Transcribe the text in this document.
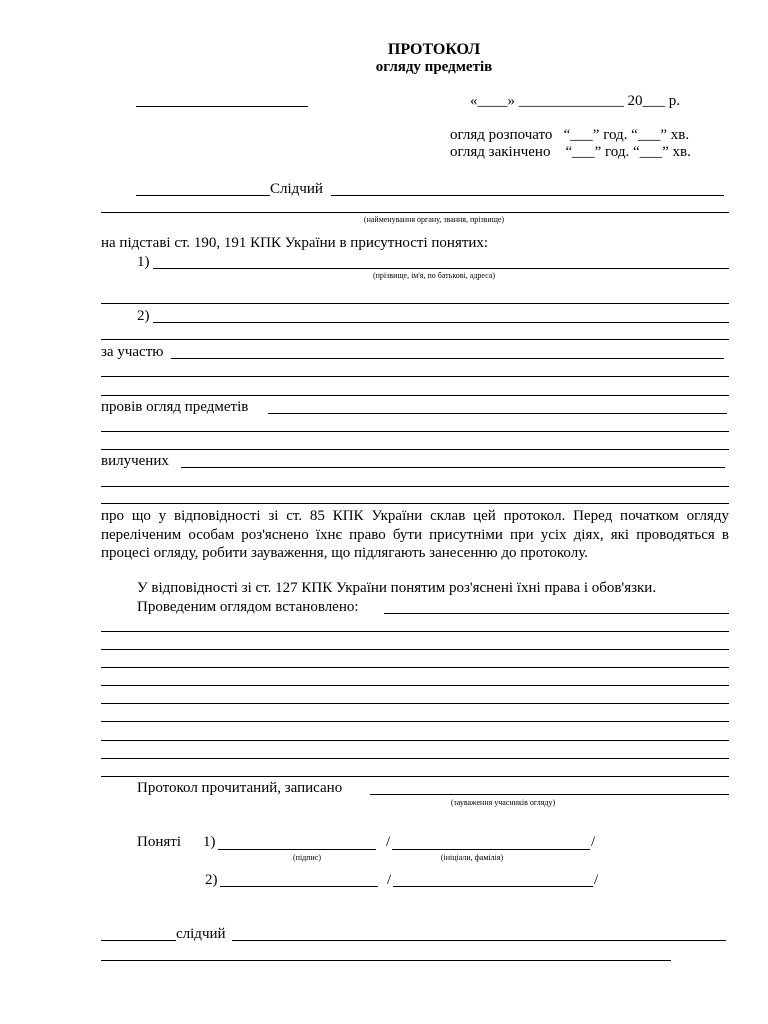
ПРОТОКОЛ
огляду предметів
«____» ______________ 20___ р.
огляд розпочато   “___” год. “___” хв.
огляд закінчено    “___” год. “___” хв.
Слідчий
(найменування органу, звання, прізвище)
на підставі ст. 190, 191 КПК України в присутності понятих:
1)
(прізвище, ім'я, по батькові, адреса)
2)
за участю
провів огляд предметів
вилучених
про що у відповідності зі ст. 85 КПК України склав цей протокол. Перед початком огляду переліченим особам роз'яснено їхнє право бути присутніми при усіх діях, які проводяться в процесі огляду, робити зауваження, що підлягають занесенню до протоколу.
У відповідності зі ст. 127 КПК України понятим роз'яснені їхні права і обов'язки.
Проведеним оглядом встановлено:
Протокол прочитаний, записано
(зауваження учасників огляду)
Поняті 1)	/	/
(підпис)	(ініціали, фамілія)
2)	/	/
слідчий
